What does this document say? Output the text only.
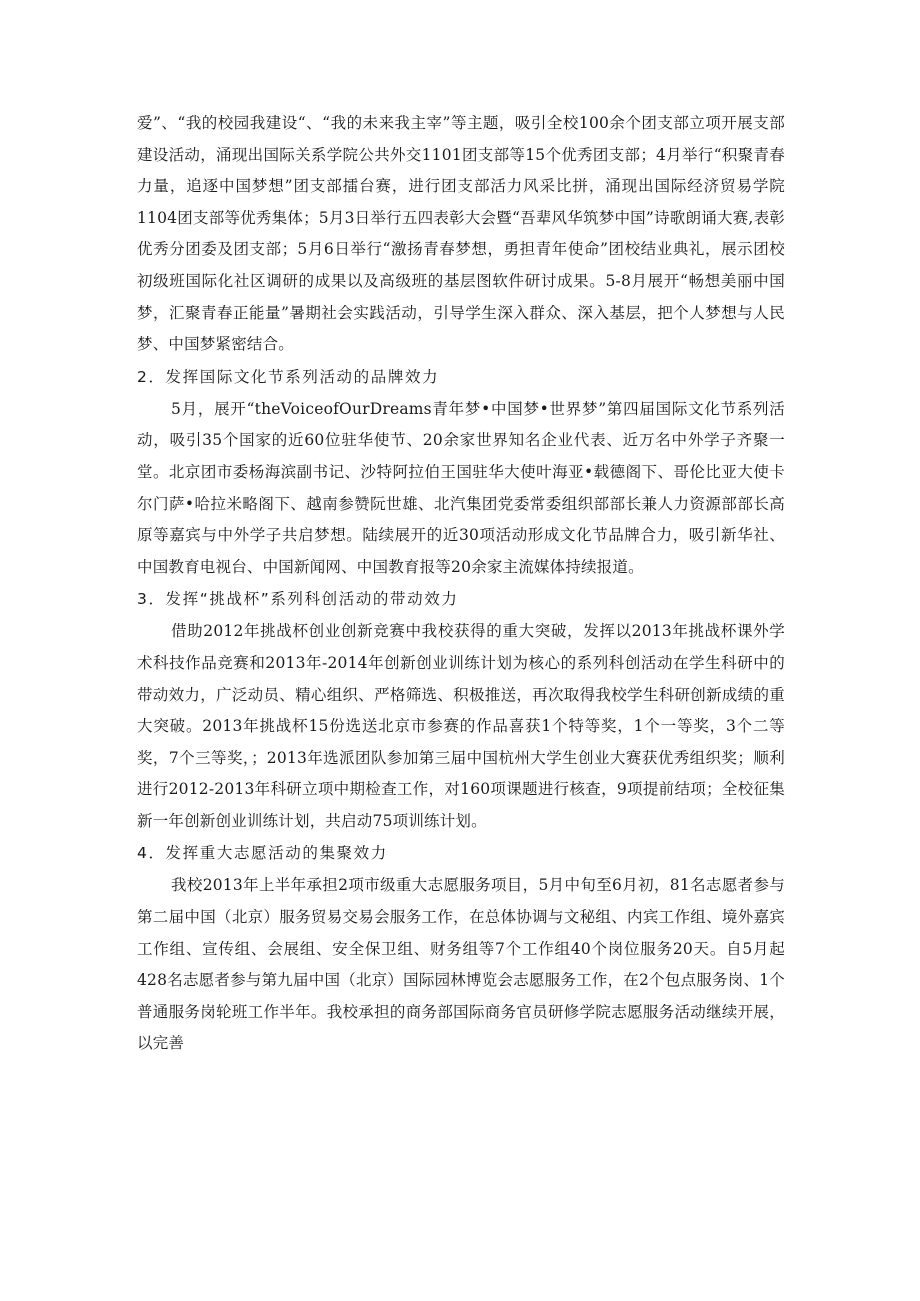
爱”、“我的校园我建设“、“我的未来我主宰”等主题，吸引全校100余个团支部立项开展支部建设活动，涌现出国际关系学院公共外交1101团支部等15个优秀团支部；4月举行“积聚青春力量，追逐中国梦想”团支部擂台赛，进行团支部活力风采比拼，涌现出国际经济贸易学院1104团支部等优秀集体；5月3日举行五四表彰大会暨“吾辈风华筑梦中国”诗歌朗诵大赛,表彰优秀分团委及团支部；5月6日举行“激扬青春梦想，勇担青年使命”团校结业典礼，展示团校初级班国际化社区调研的成果以及高级班的基层图软件研讨成果。5-8月展开“畅想美丽中国梦，汇聚青春正能量”暑期社会实践活动，引导学生深入群众、深入基层，把个人梦想与人民梦、中国梦紧密结合。

2．发挥国际文化节系列活动的品牌效力

5月，展开“theVoiceofOurDreams青年梦•中国梦•世界梦”第四届国际文化节系列活动，吸引35个国家的近60位驻华使节、20余家世界知名企业代表、近万名中外学子齐聚一堂。北京团市委杨海滨副书记、沙特阿拉伯王国驻华大使叶海亚•载德阁下、哥伦比亚大使卡尔门萨•哈拉米略阁下、越南参赞阮世雄、北汽集团党委常委组织部部长兼人力资源部部长高原等嘉宾与中外学子共启梦想。陆续展开的近30项活动形成文化节品牌合力，吸引新华社、中国教育电视台、中国新闻网、中国教育报等20余家主流媒体持续报道。

3．发挥“挑战杯”系列科创活动的带动效力

借助2012年挑战杯创业创新竞赛中我校获得的重大突破，发挥以2013年挑战杯课外学术科技作品竞赛和2013年-2014年创新创业训练计划为核心的系列科创活动在学生科研中的带动效力，广泛动员、精心组织、严格筛选、积极推送，再次取得我校学生科研创新成绩的重大突破。2013年挑战杯15份选送北京市参赛的作品喜获1个特等奖，1个一等奖，3个二等奖，7个三等奖，；2013年选派团队参加第三届中国杭州大学生创业大赛获优秀组织奖；顺利进行2012-2013年科研立项中期检查工作，对160项课题进行核查，9项提前结项；全校征集新一年创新创业训练计划，共启动75项训练计划。

4．发挥重大志愿活动的集聚效力

我校2013年上半年承担2项市级重大志愿服务项目，5月中旬至6月初，81名志愿者参与第二届中国（北京）服务贸易交易会服务工作，在总体协调与文秘组、内宾工作组、境外嘉宾工作组、宣传组、会展组、安全保卫组、财务组等7个工作组40个岗位服务20天。自5月起428名志愿者参与第九届中国（北京）国际园林博览会志愿服务工作，在2个包点服务岗、1个普通服务岗轮班工作半年。我校承担的商务部国际商务官员研修学院志愿服务活动继续开展，以完善
